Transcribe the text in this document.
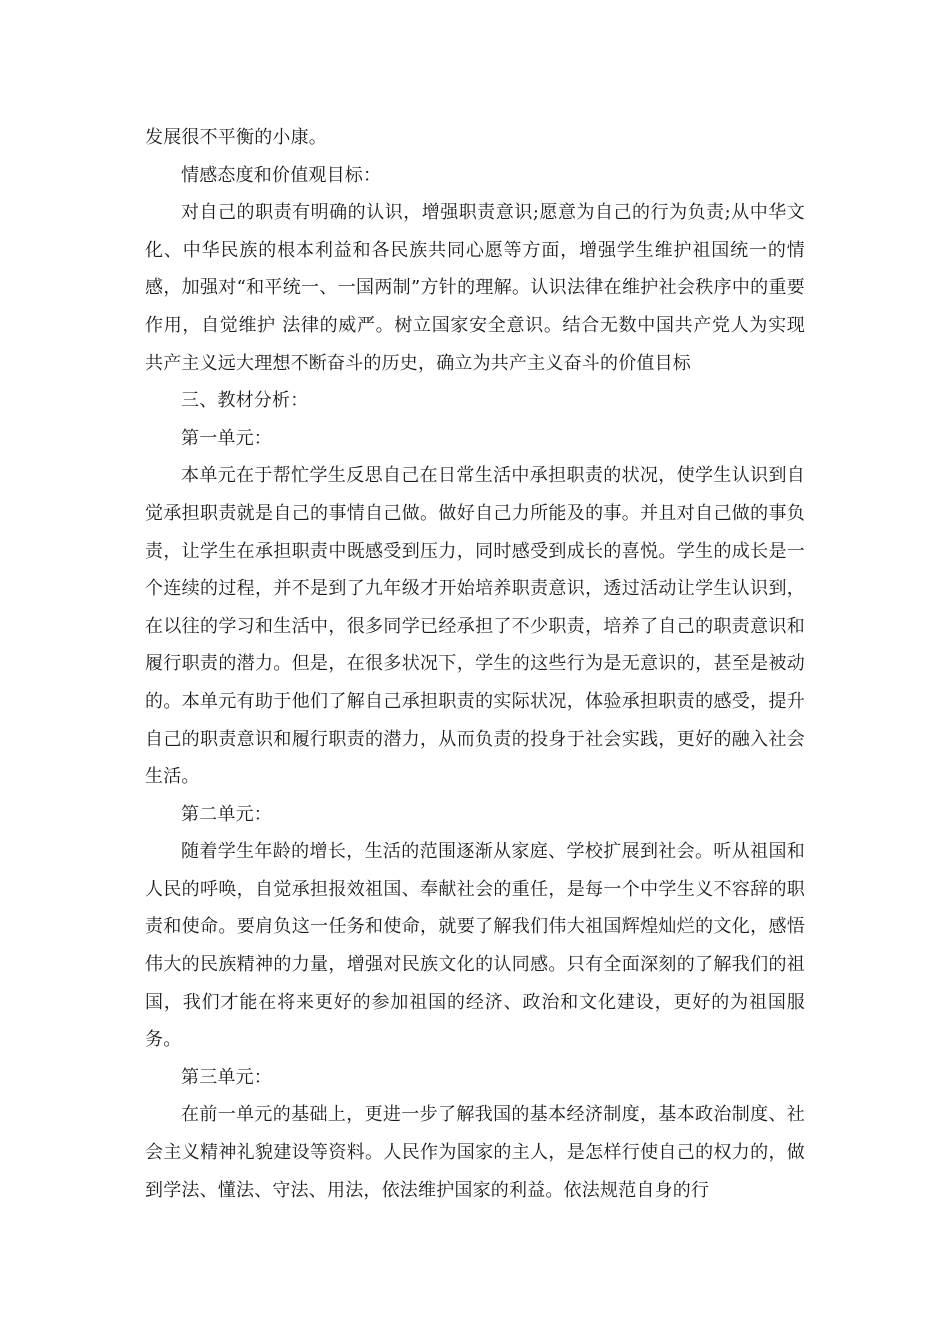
发展很不平衡的小康。

情感态度和价值观目标：

对自己的职责有明确的认识，增强职责意识;愿意为自己的行为负责;从中华文化、中华民族的根本利益和各民族共同心愿等方面，增强学生维护祖国统一的情感，加强对“和平统一、一国两制”方针的理解。认识法律在维护社会秩序中的重要作用，自觉维护 法律的威严。树立国家安全意识。结合无数中国共产党人为实现共产主义远大理想不断奋斗的历史，确立为共产主义奋斗的价值目标

三、教材分析：

第一单元：

本单元在于帮忙学生反思自己在日常生活中承担职责的状况，使学生认识到自觉承担职责就是自己的事情自己做。做好自己力所能及的事。并且对自己做的事负责，让学生在承担职责中既感受到压力，同时感受到成长的喜悦。学生的成长是一个连续的过程，并不是到了九年级才开始培养职责意识，透过活动让学生认识到，在以往的学习和生活中，很多同学已经承担了不少职责，培养了自己的职责意识和履行职责的潜力。但是，在很多状况下，学生的这些行为是无意识的，甚至是被动的。本单元有助于他们了解自己承担职责的实际状况，体验承担职责的感受，提升自己的职责意识和履行职责的潜力，从而负责的投身于社会实践，更好的融入社会生活。

第二单元：

随着学生年龄的增长，生活的范围逐渐从家庭、学校扩展到社会。听从祖国和人民的呼唤，自觉承担报效祖国、奉献社会的重任，是每一个中学生义不容辞的职责和使命。要肩负这一任务和使命，就要了解我们伟大祖国辉煌灿烂的文化，感悟伟大的民族精神的力量，增强对民族文化的认同感。只有全面深刻的了解我们的祖国，我们才能在将来更好的参加祖国的经济、政治和文化建设，更好的为祖国服务。

第三单元：

在前一单元的基础上，更进一步了解我国的基本经济制度，基本政治制度、社会主义精神礼貌建设等资料。人民作为国家的主人，是怎样行使自己的权力的，做到学法、懂法、守法、用法，依法维护国家的利益。依法规范自身的行
